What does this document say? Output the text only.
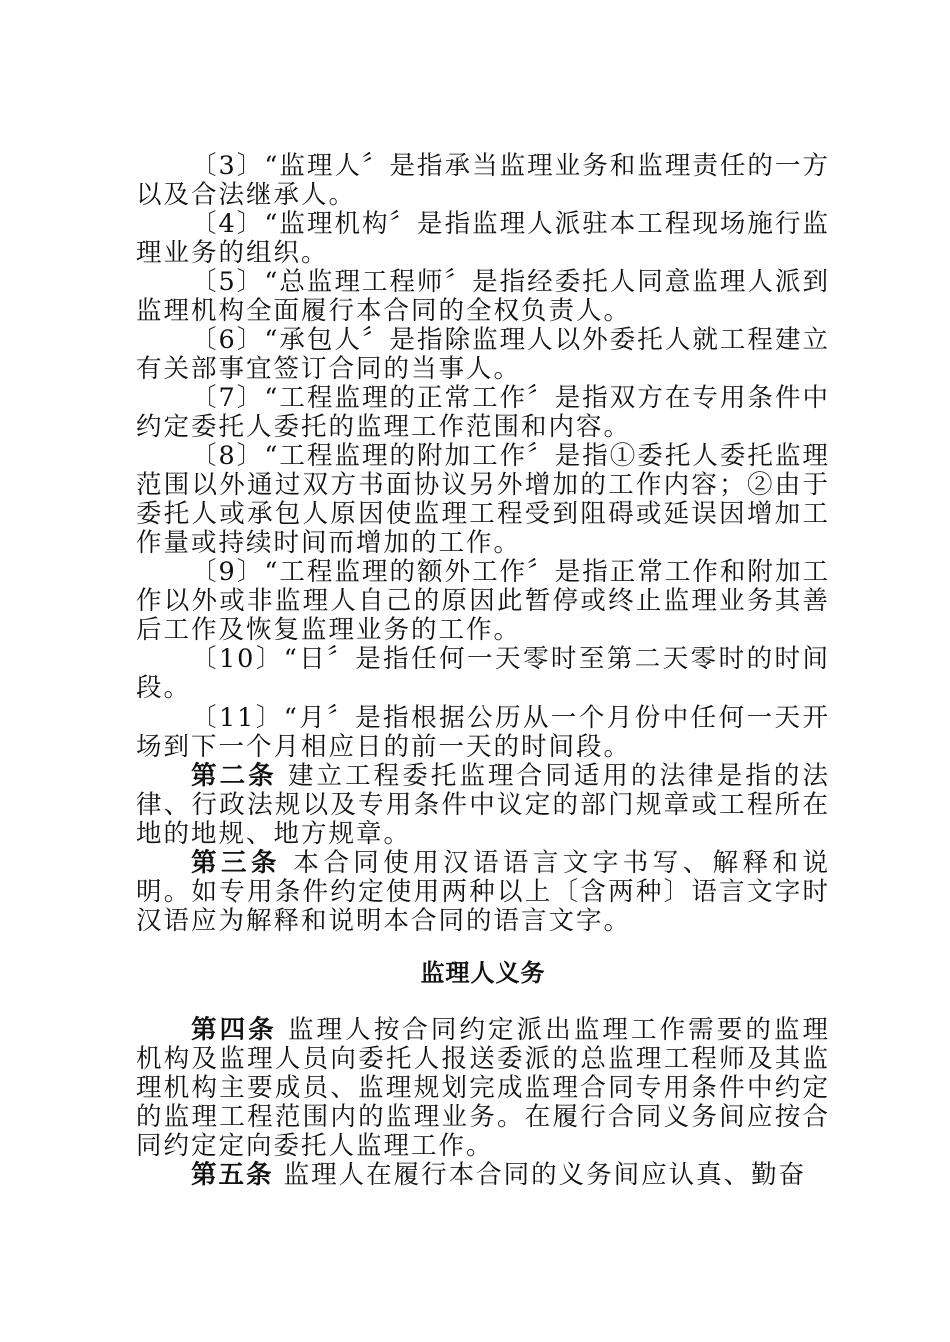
〔3〕“监理人〞是指承当监理业务和监理责任的一方以及合法继承人。

〔4〕“监理机构〞是指监理人派驻本工程现场施行监理业务的组织。

〔5〕“总监理工程师〞是指经委托人同意监理人派到监理机构全面履行本合同的全权负责人。

〔6〕“承包人〞是指除监理人以外委托人就工程建立有关部事宜签订合同的当事人。

〔7〕“工程监理的正常工作〞是指双方在专用条件中约定委托人委托的监理工作范围和内容。

〔8〕“工程监理的附加工作〞是指①委托人委托监理范围以外通过双方书面协议另外增加的工作内容；②由于委托人或承包人原因使监理工程受到阻碍或延误因增加工作量或持续时间而增加的工作。

〔9〕“工程监理的额外工作〞是指正常工作和附加工作以外或非监理人自己的原因此暂停或终止监理业务其善后工作及恢复监理业务的工作。

〔10〕“日〞是指任何一天零时至第二天零时的时间段。

〔11〕“月〞是指根据公历从一个月份中任何一天开场到下一个月相应日的前一天的时间段。

第二条 建立工程委托监理合同适用的法律是指的法律、行政法规以及专用条件中议定的部门规章或工程所在地的地规、地方规章。

第三条 本合同使用汉语语言文字书写、解释和说明。如专用条件约定使用两种以上〔含两种〕语言文字时汉语应为解释和说明本合同的语言文字。

监理人义务

第四条 监理人按合同约定派出监理工作需要的监理机构及监理人员向委托人报送委派的总监理工程师及其监理机构主要成员、监理规划完成监理合同专用条件中约定的监理工程范围内的监理业务。在履行合同义务间应按合同约定定向委托人监理工作。

第五条 监理人在履行本合同的义务间应认真、勤奋
